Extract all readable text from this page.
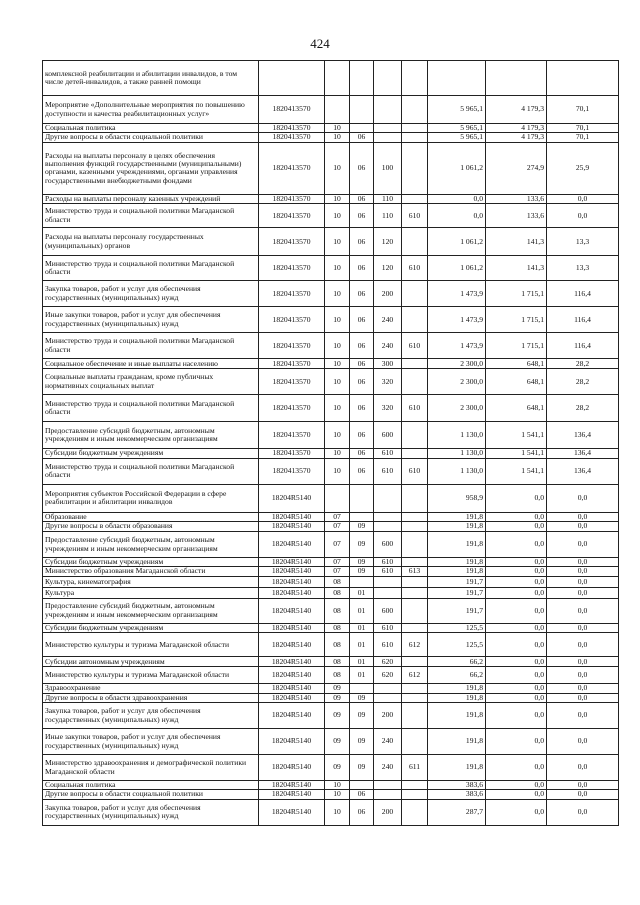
424
комплексной реабилитации и абилитации инвалидов, в том числе детей-инвалидов, а также ранней помощи								
Мероприятие «Дополнительные мероприятия по повышению доступности и качества реабилитационных услуг»	1820413570					5 965,1	4 179,3	70,1
Социальная политика	1820413570	10				5 965,1	4 179,3	70,1
Другие вопросы в области социальной политики	1820413570	10	06			5 965,1	4 179,3	70,1
Расходы на выплаты персоналу в целях обеспечения выполнения функций государственными (муниципальными) органами, казенными учреждениями, органами управления государственными внебюджетными фондами	1820413570	10	06	100		1 061,2	274,9	25,9
Расходы на выплаты персоналу казенных учреждений	1820413570	10	06	110		0,0	133,6	0,0
Министерство труда и социальной политики Магаданской области	1820413570	10	06	110	610	0,0	133,6	0,0
Расходы на выплаты персоналу государственных (муниципальных) органов	1820413570	10	06	120		1 061,2	141,3	13,3
Министерство труда и социальной политики Магаданской области	1820413570	10	06	120	610	1 061,2	141,3	13,3
Закупка товаров, работ и услуг для обеспечения государственных (муниципальных) нужд	1820413570	10	06	200		1 473,9	1 715,1	116,4
Иные закупки товаров, работ и услуг для обеспечения государственных (муниципальных) нужд	1820413570	10	06	240		1 473,9	1 715,1	116,4
Министерство труда и социальной политики Магаданской области	1820413570	10	06	240	610	1 473,9	1 715,1	116,4
Социальное обеспечение и иные выплаты населению	1820413570	10	06	300		2 300,0	648,1	28,2
Социальные выплаты гражданам, кроме публичных нормативных социальных выплат	1820413570	10	06	320		2 300,0	648,1	28,2
Министерство труда и социальной политики Магаданской области	1820413570	10	06	320	610	2 300,0	648,1	28,2
Предоставление субсидий бюджетным, автономным учреждениям и иным некоммерческим организациям	1820413570	10	06	600		1 130,0	1 541,1	136,4
Субсидии бюджетным учреждениям	1820413570	10	06	610		1 130,0	1 541,1	136,4
Министерство труда и социальной политики Магаданской области	1820413570	10	06	610	610	1 130,0	1 541,1	136,4
Мероприятия субъектов Российской Федерации в сфере реабилитации и абилитации инвалидов	18204R5140					958,9	0,0	0,0
Образование	18204R5140	07				191,8	0,0	0,0
Другие вопросы в области образования	18204R5140	07	09			191,8	0,0	0,0
Предоставление субсидий бюджетным, автономным учреждениям и иным некоммерческим организациям	18204R5140	07	09	600		191,8	0,0	0,0
Субсидии бюджетным учреждениям	18204R5140	07	09	610		191,8	0,0	0,0
Министерство образования Магаданской области	18204R5140	07	09	610	613	191,8	0,0	0,0
Культура, кинематография	18204R5140	08				191,7	0,0	0,0
Культура	18204R5140	08	01			191,7	0,0	0,0
Предоставление субсидий бюджетным, автономным учреждениям и иным некоммерческим организациям	18204R5140	08	01	600		191,7	0,0	0,0
Субсидии бюджетным учреждениям	18204R5140	08	01	610		125,5	0,0	0,0
Министерство культуры и туризма Магаданской области	18204R5140	08	01	610	612	125,5	0,0	0,0
Субсидии автономным учреждениям	18204R5140	08	01	620		66,2	0,0	0,0
Министерство культуры и туризма Магаданской области	18204R5140	08	01	620	612	66,2	0,0	0,0
Здравоохранение	18204R5140	09				191,8	0,0	0,0
Другие вопросы в области здравоохранения	18204R5140	09	09			191,8	0,0	0,0
Закупка товаров, работ и услуг для обеспечения государственных (муниципальных) нужд	18204R5140	09	09	200		191,8	0,0	0,0
Иные закупки товаров, работ и услуг для обеспечения государственных (муниципальных) нужд	18204R5140	09	09	240		191,8	0,0	0,0
Министерство здравоохранения и демографической политики Магаданской области	18204R5140	09	09	240	611	191,8	0,0	0,0
Социальная политика	18204R5140	10				383,6	0,0	0,0
Другие вопросы в области социальной политики	18204R5140	10	06			383,6	0,0	0,0
Закупка товаров, работ и услуг для обеспечения государственных (муниципальных) нужд	18204R5140	10	06	200		287,7	0,0	0,0
